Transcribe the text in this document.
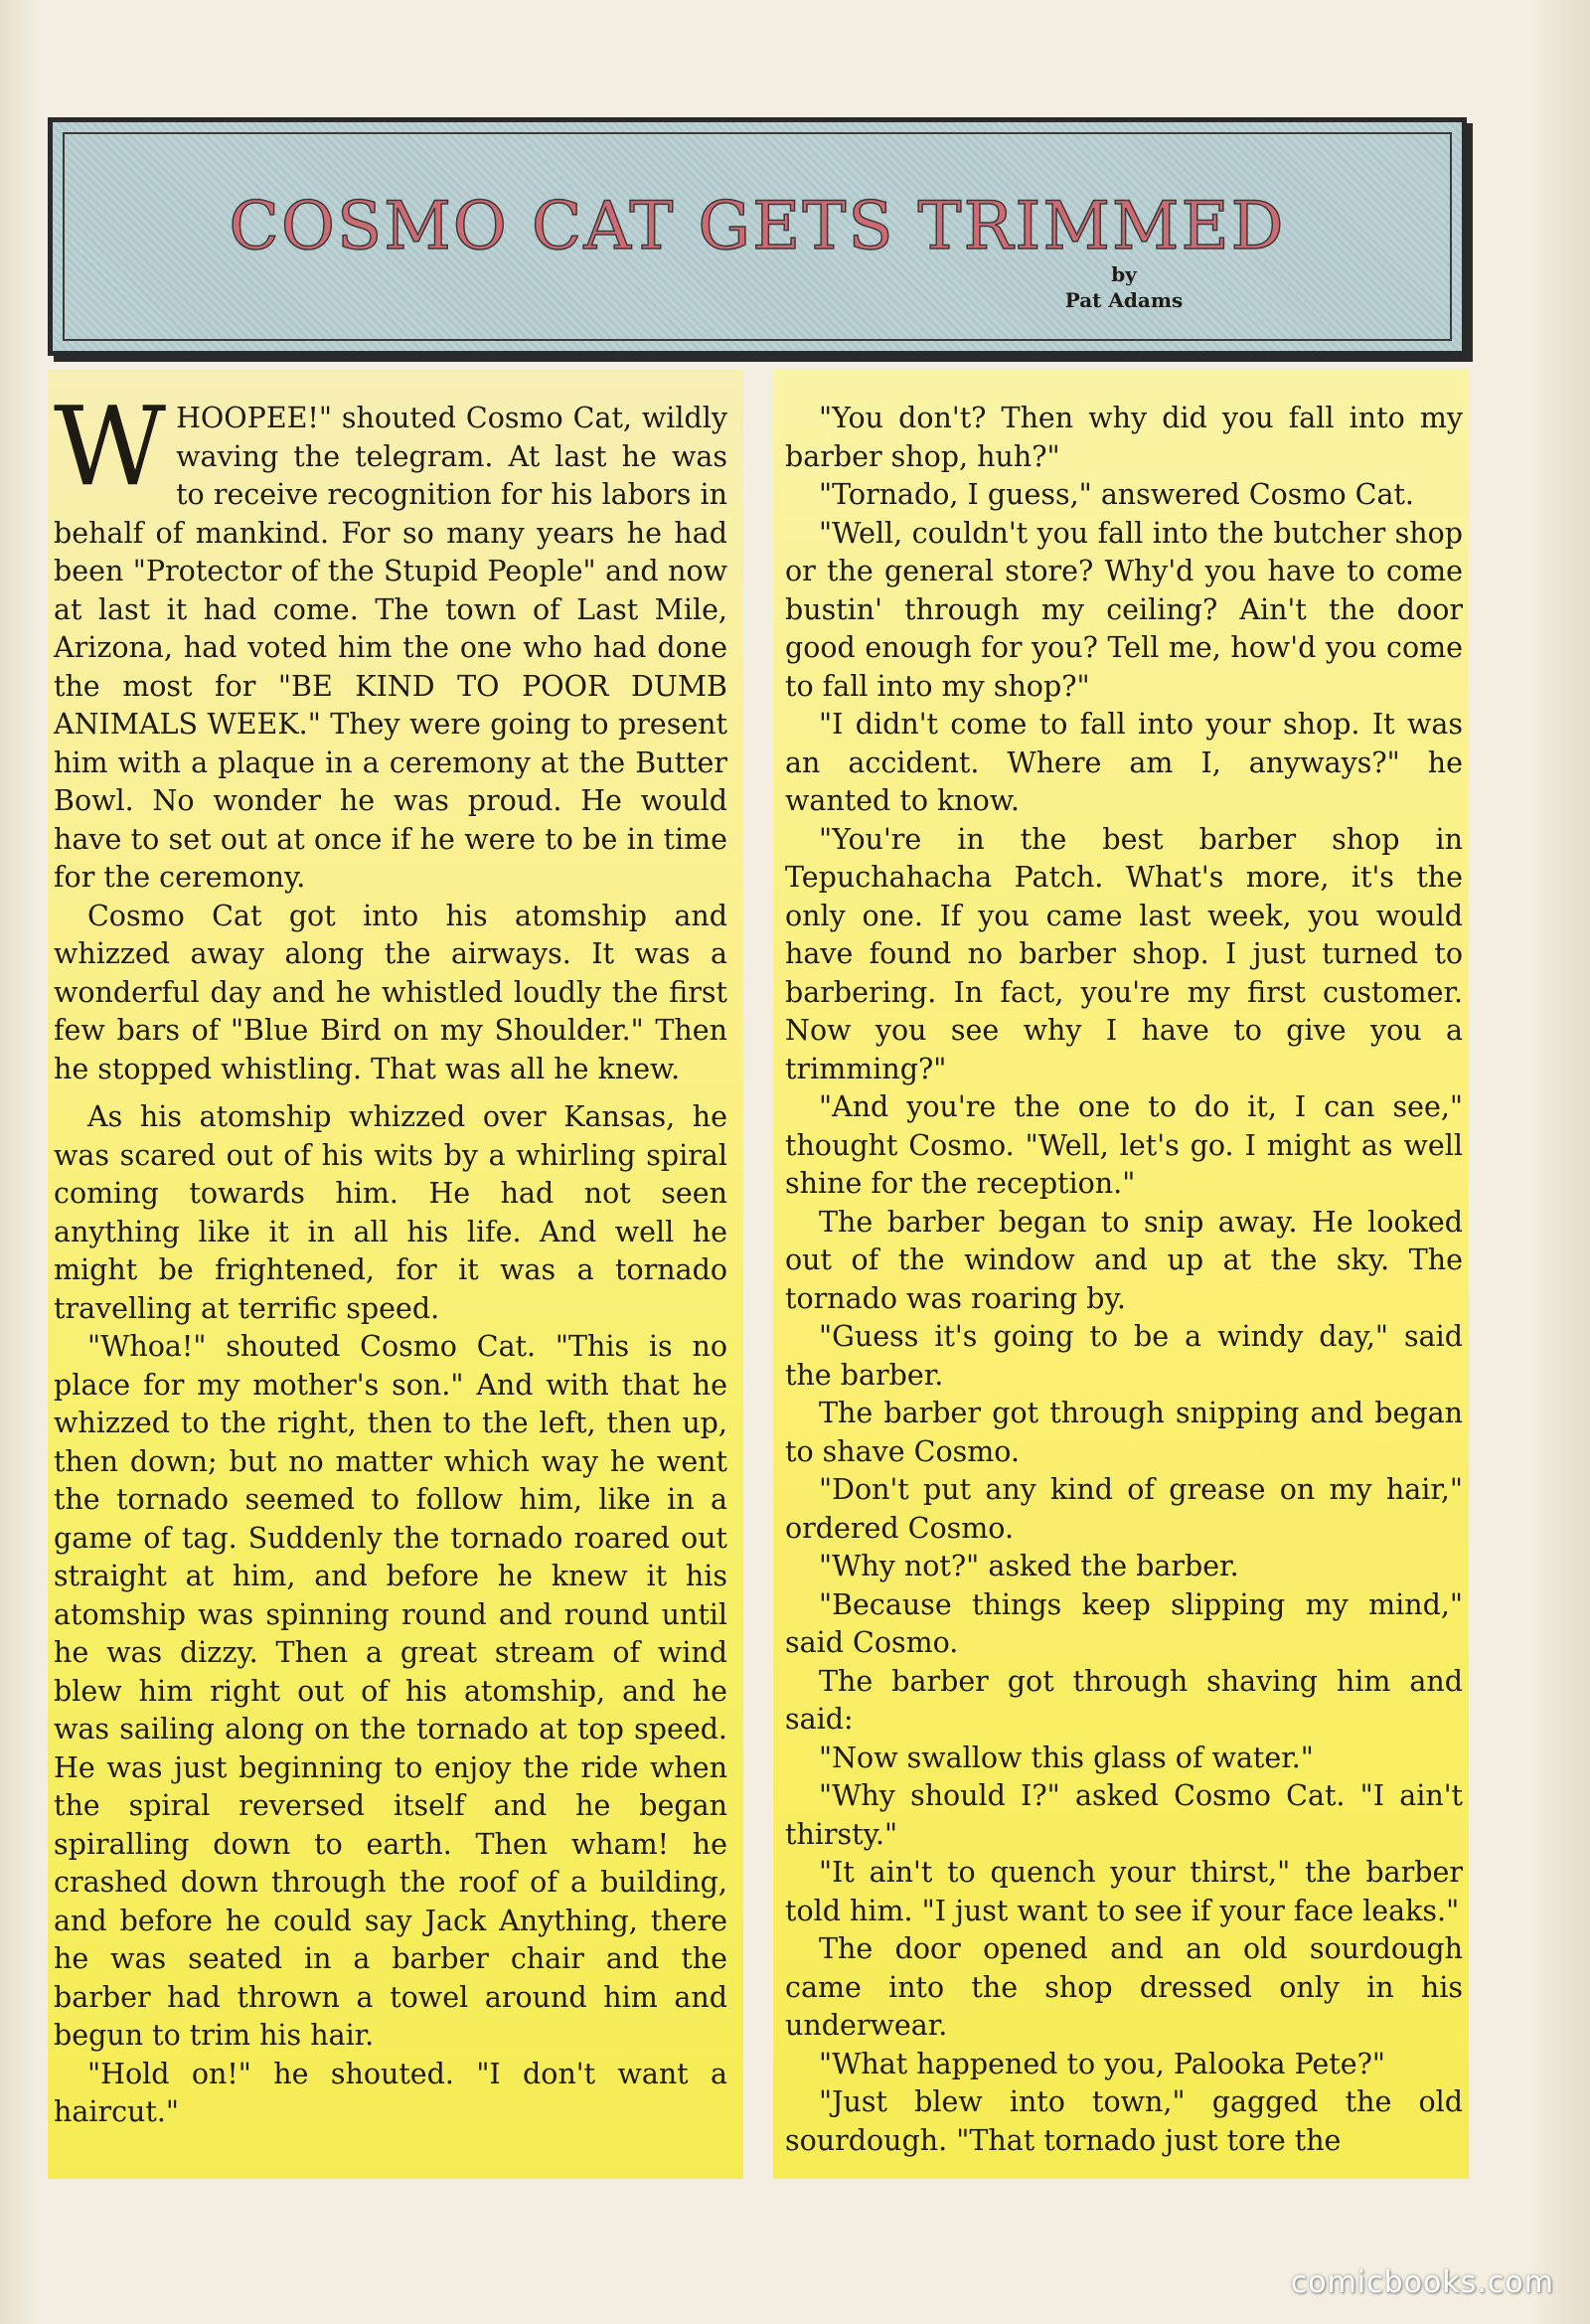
COSMO CAT GETS TRIMMED
by
Pat Adams

WHOOPEE!" shouted Cosmo Cat, wildly waving the telegram. At last he was to receive recognition for his labors in behalf of mankind. For so many years he had been "Protector of the Stupid People" and now at last it had come. The town of Last Mile, Arizona, had voted him the one who had done the most for "BE KIND TO POOR DUMB ANIMALS WEEK." They were going to present him with a plaque in a ceremony at the Butter Bowl. No wonder he was proud. He would have to set out at once if he were to be in time for the ceremony.

Cosmo Cat got into his atomship and whizzed away along the airways. It was a wonderful day and he whistled loudly the first few bars of "Blue Bird on my Shoulder." Then he stopped whistling. That was all he knew.

As his atomship whizzed over Kansas, he was scared out of his wits by a whirling spiral coming towards him. He had not seen anything like it in all his life. And well he might be frightened, for it was a tornado travelling at terrific speed.

"Whoa!" shouted Cosmo Cat. "This is no place for my mother's son." And with that he whizzed to the right, then to the left, then up, then down; but no matter which way he went the tornado seemed to follow him, like in a game of tag. Suddenly the tornado roared out straight at him, and before he knew it his atomship was spinning round and round until he was dizzy. Then a great stream of wind blew him right out of his atomship, and he was sailing along on the tornado at top speed. He was just beginning to enjoy the ride when the spiral reversed itself and he began spiralling down to earth. Then wham! he crashed down through the roof of a building, and before he could say Jack Anything, there he was seated in a barber chair and the barber had thrown a towel around him and begun to trim his hair.

"Hold on!" he shouted. "I don't want a haircut."

"You don't? Then why did you fall into my barber shop, huh?"

"Tornado, I guess," answered Cosmo Cat.

"Well, couldn't you fall into the butcher shop or the general store? Why'd you have to come bustin' through my ceiling? Ain't the door good enough for you? Tell me, how'd you come to fall into my shop?"

"I didn't come to fall into your shop. It was an accident. Where am I, anyways?" he wanted to know.

"You're in the best barber shop in Tepuchahacha Patch. What's more, it's the only one. If you came last week, you would have found no barber shop. I just turned to barbering. In fact, you're my first customer. Now you see why I have to give you a trimming?"

"And you're the one to do it, I can see," thought Cosmo. "Well, let's go. I might as well shine for the reception."

The barber began to snip away. He looked out of the window and up at the sky. The tornado was roaring by.

"Guess it's going to be a windy day," said the barber.

The barber got through snipping and began to shave Cosmo.

"Don't put any kind of grease on my hair," ordered Cosmo.

"Why not?" asked the barber.

"Because things keep slipping my mind," said Cosmo.

The barber got through shaving him and said:

"Now swallow this glass of water."

"Why should I?" asked Cosmo Cat. "I ain't thirsty."

"It ain't to quench your thirst," the barber told him. "I just want to see if your face leaks."

The door opened and an old sourdough came into the shop dressed only in his underwear.

"What happened to you, Palooka Pete?"

"Just blew into town," gagged the old sourdough. "That tornado just tore the

comicbooks.com
